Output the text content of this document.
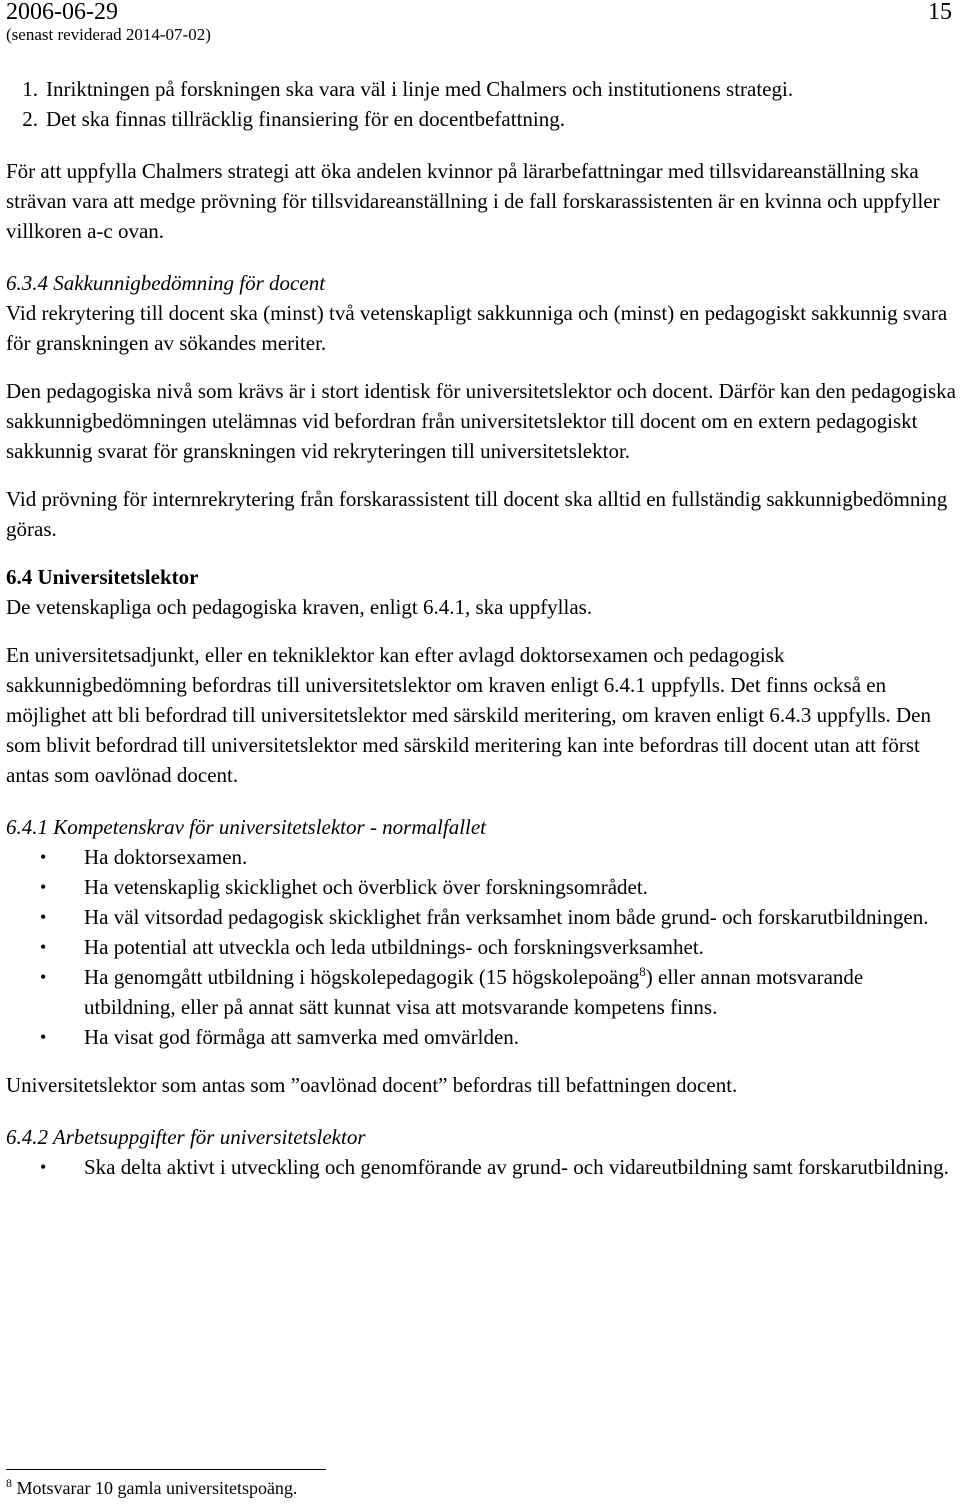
2006-06-29
(senast reviderad 2014-07-02)
15
1. Inriktningen på forskningen ska vara väl i linje med Chalmers och institutionens strategi.
2. Det ska finnas tillräcklig finansiering för en docentbefattning.

För att uppfylla Chalmers strategi att öka andelen kvinnor på lärarbefattningar med tillsvidareanställning ska strävan vara att medge prövning för tillsvidareanställning i de fall forskarassistenten är en kvinna och uppfyller villkoren a-c ovan.

6.3.4 Sakkunnigbedömning för docent

Vid rekrytering till docent ska (minst) två vetenskapligt sakkunniga och (minst) en pedagogiskt sakkunnig svara för granskningen av sökandes meriter.

Den pedagogiska nivå som krävs är i stort identisk för universitetslektor och docent. Därför kan den pedagogiska sakkunnigbedömningen utelämnas vid befordran från universitetslektor till docent om en extern pedagogiskt sakkunnig svarat för granskningen vid rekryteringen till universitetslektor.

Vid prövning för internrekrytering från forskarassistent till docent ska alltid en fullständig sakkunnigbedömning göras.

6.4 Universitetslektor

De vetenskapliga och pedagogiska kraven, enligt 6.4.1, ska uppfyllas.

En universitetsadjunkt, eller en tekniklektor kan efter avlagd doktorsexamen och pedagogisk sakkunnigbedömning befordras till universitetslektor om kraven enligt 6.4.1 uppfylls. Det finns också en möjlighet att bli befordrad till universitetslektor med särskild meritering, om kraven enligt 6.4.3 uppfylls. Den som blivit befordrad till universitetslektor med särskild meritering kan inte befordras till docent utan att först antas som oavlönad docent.

6.4.1 Kompetenskrav för universitetslektor - normalfallet

• Ha doktorsexamen.
• Ha vetenskaplig skicklighet och överblick över forskningsområdet.
• Ha väl vitsordad pedagogisk skicklighet från verksamhet inom både grund- och forskarutbildningen.
• Ha potential att utveckla och leda utbildnings- och forskningsverksamhet.
• Ha genomgått utbildning i högskolepedagogik (15 högskolepoäng$^8$) eller annan motsvarande utbildning, eller på annat sätt kunnat visa att motsvarande kompetens finns.
• Ha visat god förmåga att samverka med omvärlden.

Universitetslektor som antas som ”oavlönad docent” befordras till befattningen docent.

6.4.2 Arbetsuppgifter för universitetslektor

• Ska delta aktivt i utveckling och genomförande av grund- och vidareutbildning samt forskarutbildning.
$^8$ Motsvarar 10 gamla universitetspoäng.
